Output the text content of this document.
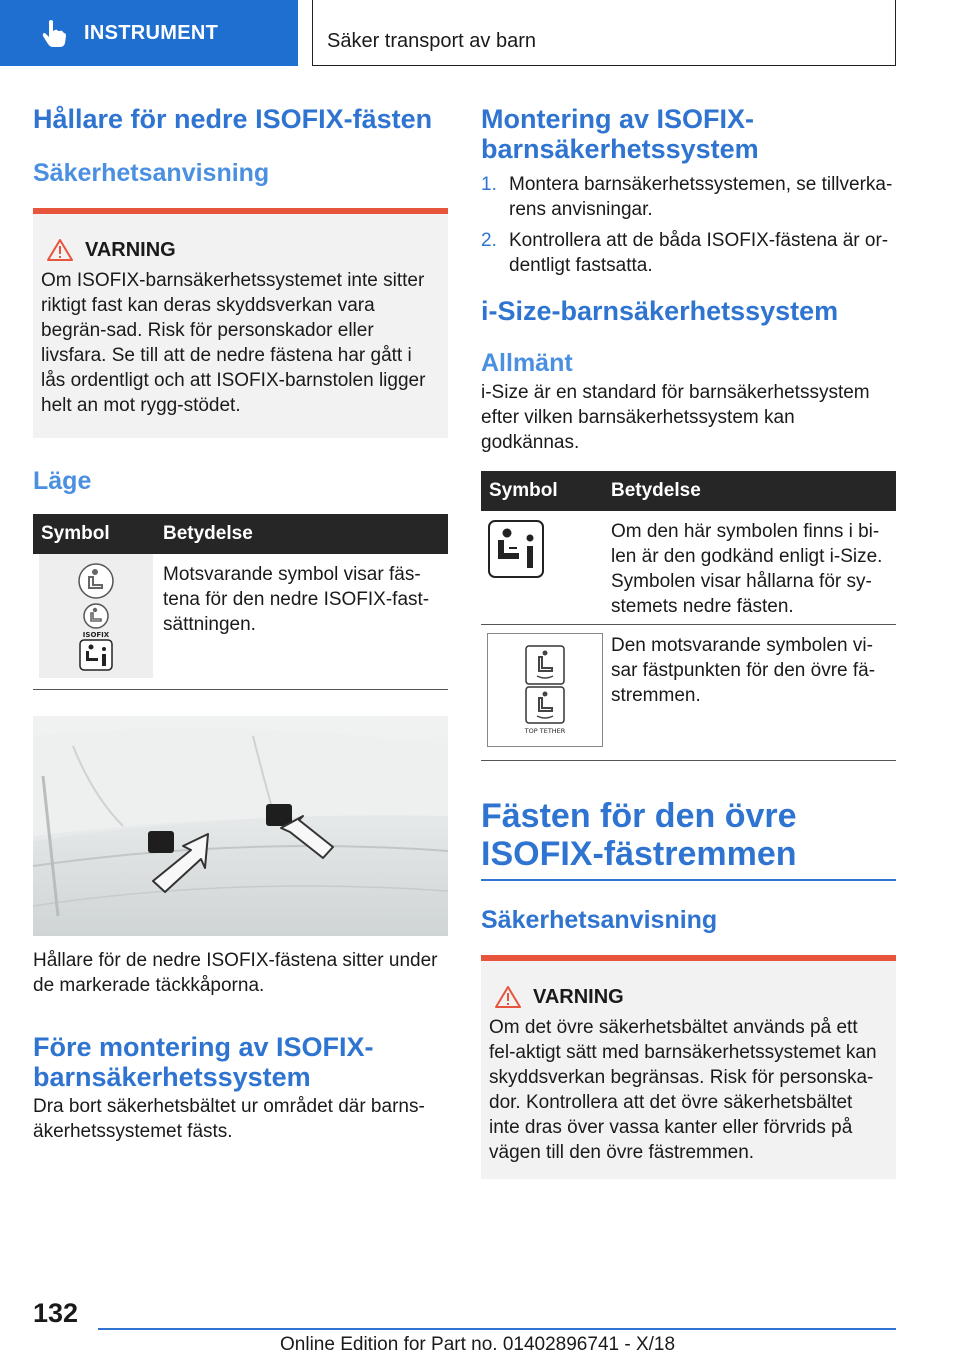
INSTRUMENT	Säker transport av barn
Hållare för nedre ISOFIX-fästen
Säkerhetsanvisning
VARNING

Om ISOFIX-barnsäkerhetssystemet inte sitter riktigt fast kan deras skyddsverkan vara begrän-sad. Risk för personskador eller livsfara. Se till att de nedre fästena har gått i lås ordentligt och att ISOFIX-barnstolen ligger helt an mot rygg-stödet.

Läge
Symbol	Betydelse
ISOFIX
Motsvarande symbol visar fäs-tena för den nedre ISOFIX-fast-sättningen.

Hållare för de nedre ISOFIX-fästena sitter under de markerade täckkåporna.

Före montering av ISOFIX-barnsäkerhetssystem

Dra bort säkerhetsbältet ur området där barns-äkerhetssystemet fästs.

Montering av ISOFIX-barnsäkerhetssystem
1. Montera barnsäkerhetssystemen, se tillverka-rens anvisningar.
2. Kontrollera att de båda ISOFIX-fästena är or-dentligt fastsatta.
i-Size-barnsäkerhetssystem
Allmänt

i-Size är en standard för barnsäkerhetssystem efter vilken barnsäkerhetssystem kan godkännas.

Symbol	Betydelse
Om den här symbolen finns i bi-len är den godkänd enligt i-Size. Symbolen visar hållarna för sy-stemets nedre fästen.
TOP TETHER
Den motsvarande symbolen vi-sar fästpunkten för den övre fä-stremmen.
Fästen för den övre ISOFIX-fästremmen
Säkerhetsanvisning
VARNING

Om det övre säkerhetsbältet används på ett fel-aktigt sätt med barnsäkerhetssystemet kan skyddsverkan begränsas. Risk för personska-dor. Kontrollera att det övre säkerhetsbältet inte dras över vassa kanter eller förvrids på vägen till den övre fästremmen.

132
Online Edition for Part no. 01402896741 - X/18
